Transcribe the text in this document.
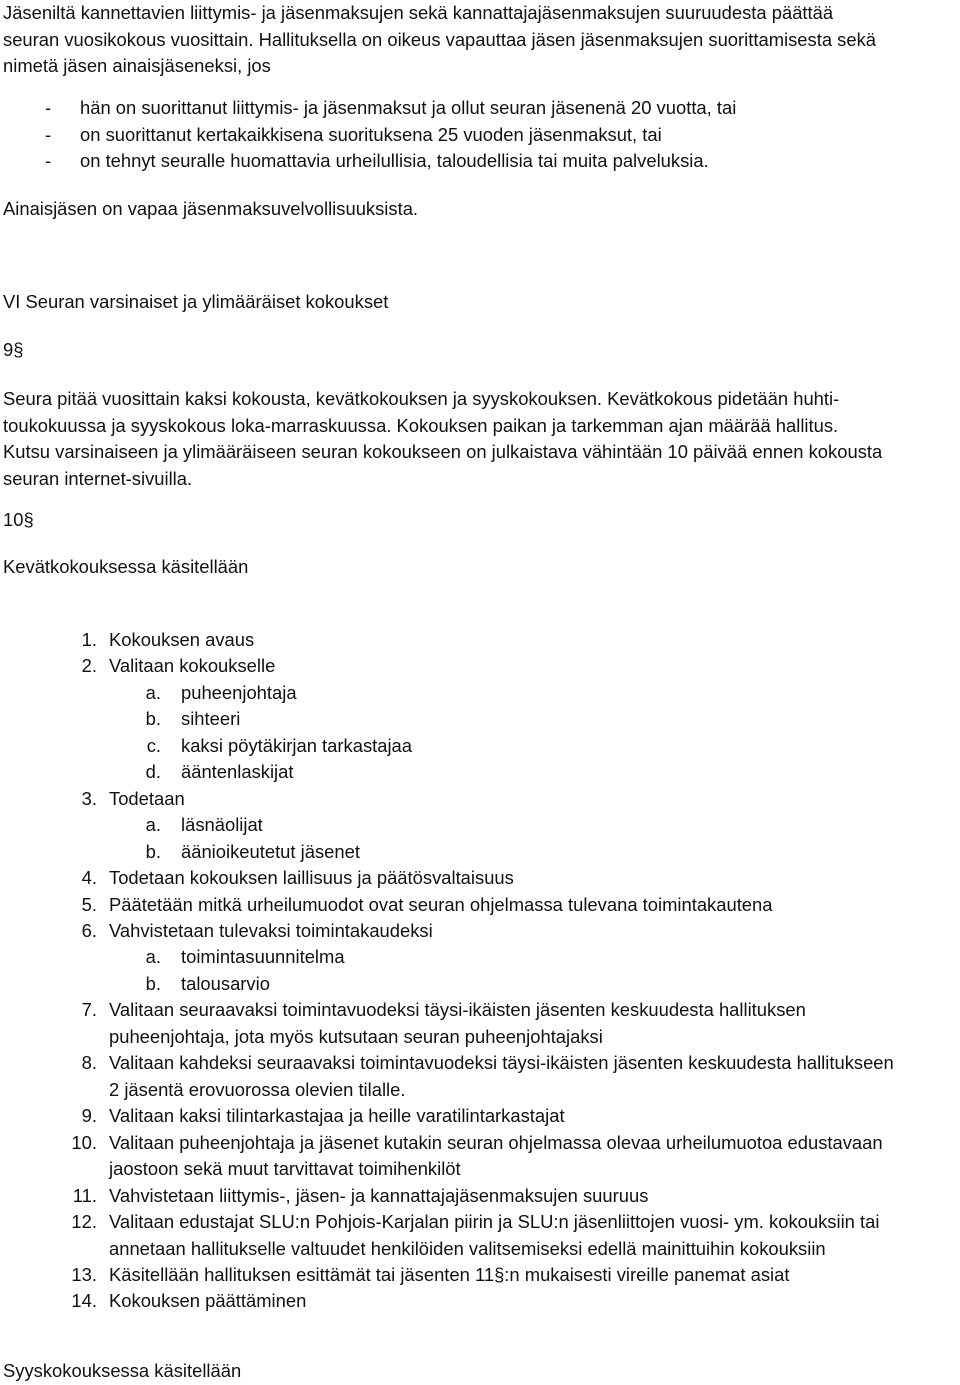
Jäseniltä kannettavien liittymis- ja jäsenmaksujen sekä kannattajajäsenmaksujen suuruudesta päättää
seuran vuosikokous vuosittain. Hallituksella on oikeus vapauttaa jäsen jäsenmaksujen suorittamisesta sekä
nimetä jäsen ainaisjäseneksi, jos
-	hän on suorittanut liittymis- ja jäsenmaksut ja ollut seuran jäsenenä 20 vuotta, tai
-	on suorittanut kertakaikkisena suorituksena 25 vuoden jäsenmaksut, tai
-	on tehnyt seuralle huomattavia urheilullisia, taloudellisia tai muita palveluksia.
Ainaisjäsen on vapaa jäsenmaksuvelvollisuuksista.
VI Seuran varsinaiset ja ylimääräiset kokoukset
9§
Seura pitää vuosittain kaksi kokousta, kevätkokouksen ja syyskokouksen. Kevätkokous pidetään huhti-
toukokuussa ja syyskokous loka-marraskuussa. Kokouksen paikan ja tarkemman ajan määrää hallitus.
Kutsu varsinaiseen ja ylimääräiseen seuran kokoukseen on julkaistava vähintään 10 päivää ennen kokousta
seuran internet-sivuilla.
10§
Kevätkokouksessa käsitellään
1. Kokouksen avaus
2. Valitaan kokoukselle
a. puheenjohtaja
b. sihteeri
c. kaksi pöytäkirjan tarkastajaa
d. ääntenlaskijat
3. Todetaan
a. läsnäolijat
b. äänioikeutetut jäsenet
4. Todetaan kokouksen laillisuus ja päätösvaltaisuus
5. Päätetään mitkä urheilumuodot ovat seuran ohjelmassa tulevana toimintakautena
6. Vahvistetaan tulevaksi toimintakaudeksi
a. toimintasuunnitelma
b. talousarvio
7. Valitaan seuraavaksi toimintavuodeksi täysi-ikäisten jäsenten keskuudesta hallituksen
puheenjohtaja, jota myös kutsutaan seuran puheenjohtajaksi
8. Valitaan kahdeksi seuraavaksi toimintavuodeksi täysi-ikäisten jäsenten keskuudesta hallitukseen
2 jäsentä erovuorossa olevien tilalle.
9. Valitaan kaksi tilintarkastajaa ja heille varatilintarkastajat
10. Valitaan puheenjohtaja ja jäsenet kutakin seuran ohjelmassa olevaa urheilumuotoa edustavaan
jaostoon sekä muut tarvittavat toimihenkilöt
11. Vahvistetaan liittymis-, jäsen- ja kannattajajäsenmaksujen suuruus
12. Valitaan edustajat SLU:n Pohjois-Karjalan piirin ja SLU:n jäsenliittojen vuosi- ym. kokouksiin tai
annetaan hallitukselle valtuudet henkilöiden valitsemiseksi edellä mainittuihin kokouksiin
13. Käsitellään hallituksen esittämät tai jäsenten 11§:n mukaisesti vireille panemat asiat
14. Kokouksen päättäminen
Syyskokouksessa käsitellään
